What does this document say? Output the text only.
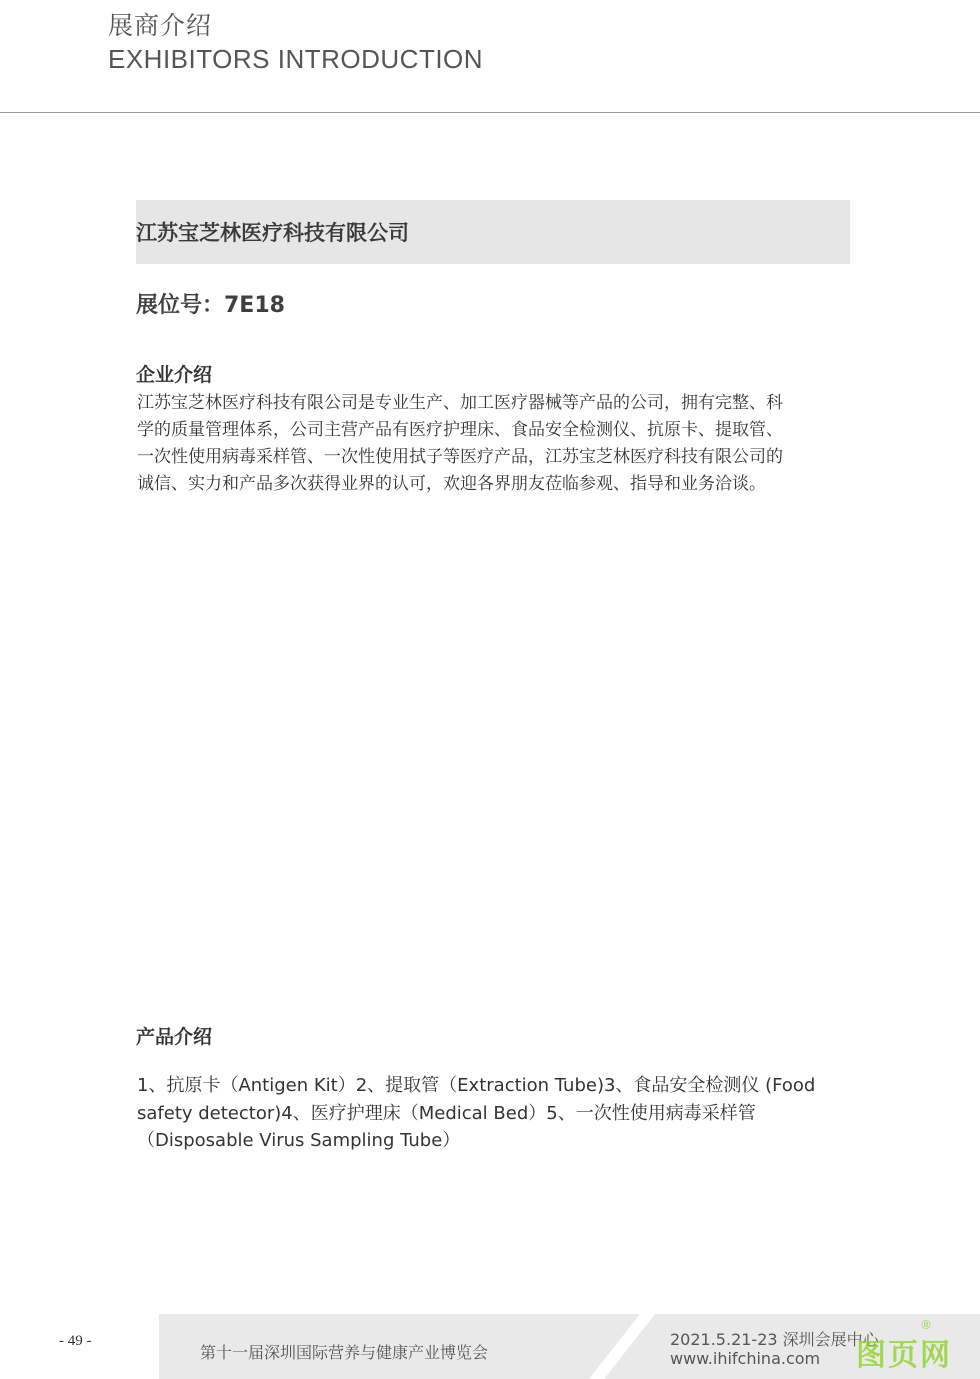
展商介绍
EXHIBITORS INTRODUCTION
江苏宝芝林医疗科技有限公司
展位号：7E18
企业介绍
江苏宝芝林医疗科技有限公司是专业生产、加工医疗器械等产品的公司，拥有完整、科
学的质量管理体系，公司主营产品有医疗护理床、食品安全检测仪、抗原卡、提取管、
一次性使用病毒采样管、一次性使用拭子等医疗产品，江苏宝芝林医疗科技有限公司的
诚信、实力和产品多次获得业界的认可，欢迎各界朋友莅临参观、指导和业务洽谈。
产品介绍
1、抗原卡（Antigen Kit）2、提取管（Extraction Tube)3、食品安全检测仪 (Food
safety detector)4、医疗护理床（Medical Bed）5、一次性使用病毒采样管
（Disposable Virus Sampling Tube）
- 49 -
第十一届深圳国际营养与健康产业博览会
2021.5.21-23 深圳会展中心
www.ihifchina.com 图页网
®
